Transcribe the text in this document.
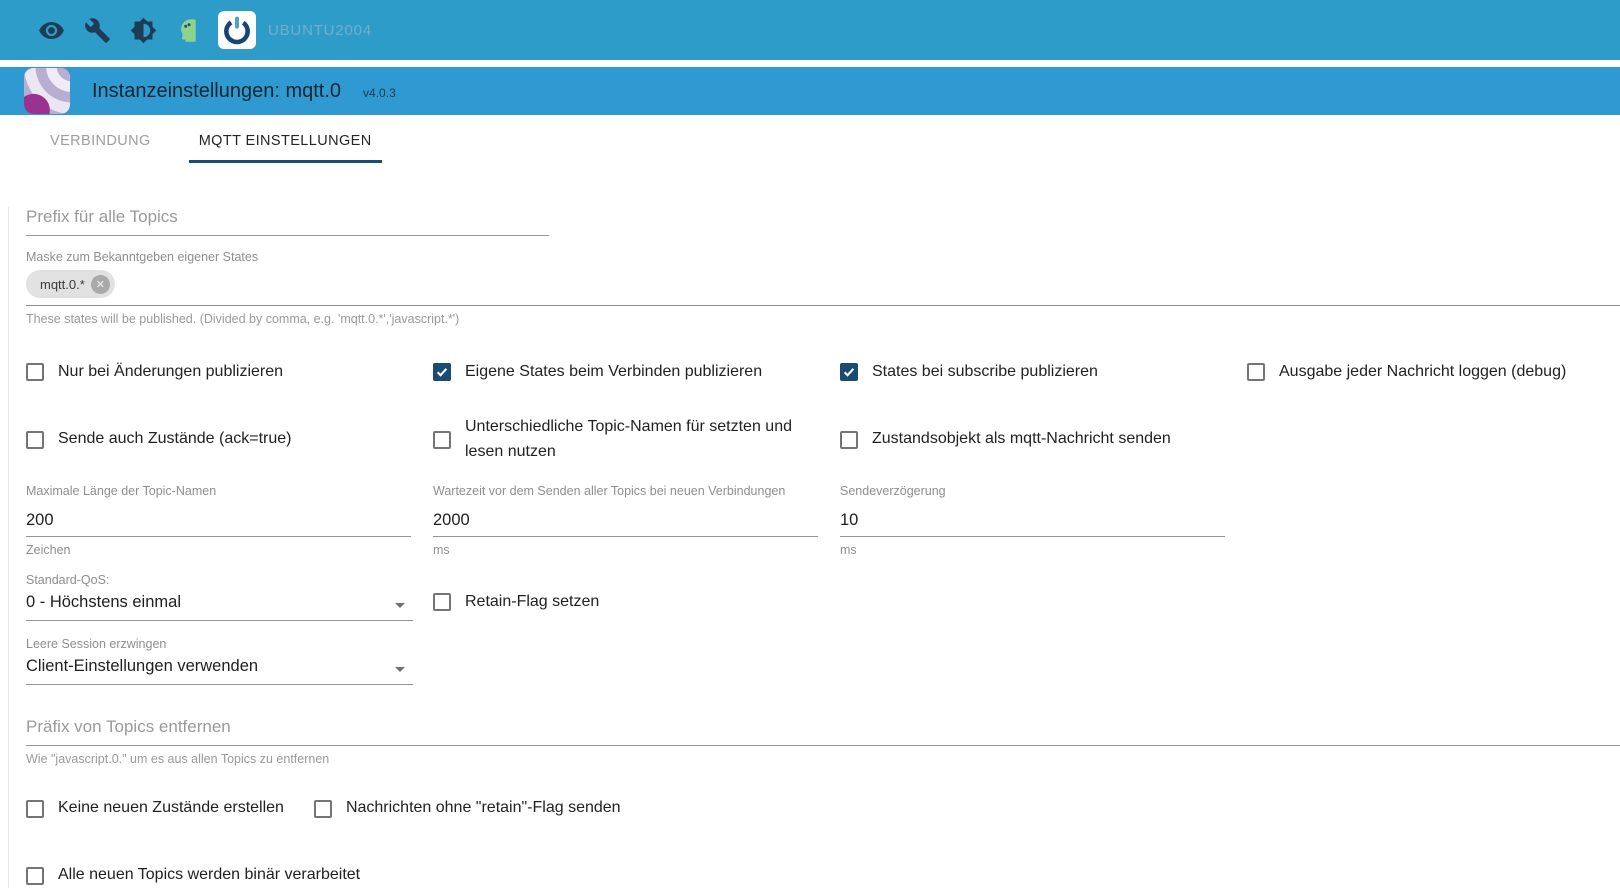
UBUNTU2004
Instanzeinstellungen: mqtt.0 v4.0.3
VERBINDUNG	MQTT EINSTELLUNGEN
Prefix für alle Topics
Maske zum Bekanntgeben eigener States
mqtt.0.* ✕
These states will be published. (Divided by comma, e.g. 'mqtt.0.*','javascript.*')
Nur bei Änderungen publizieren	Eigene States beim Verbinden publizieren	States bei subscribe publizieren	Ausgabe jeder Nachricht loggen (debug)
Sende auch Zustände (ack=true)
Unterschiedliche Topic-Namen für setzten und lesen nutzen
Zustandsobjekt als mqtt-Nachricht senden
Maximale Länge der Topic-Namen
200
Zeichen
Wartezeit vor dem Senden aller Topics bei neuen Verbindungen
2000
ms
Sendeverzögerung
10
ms
Standard-QoS:
0 - Höchstens einmal	Retain-Flag setzen
Leere Session erzwingen
Client-Einstellungen verwenden
Präfix von Topics entfernen
Wie "javascript.0." um es aus allen Topics zu entfernen
Keine neuen Zustände erstellen	Nachrichten ohne "retain"-Flag senden
Alle neuen Topics werden binär verarbeitet
